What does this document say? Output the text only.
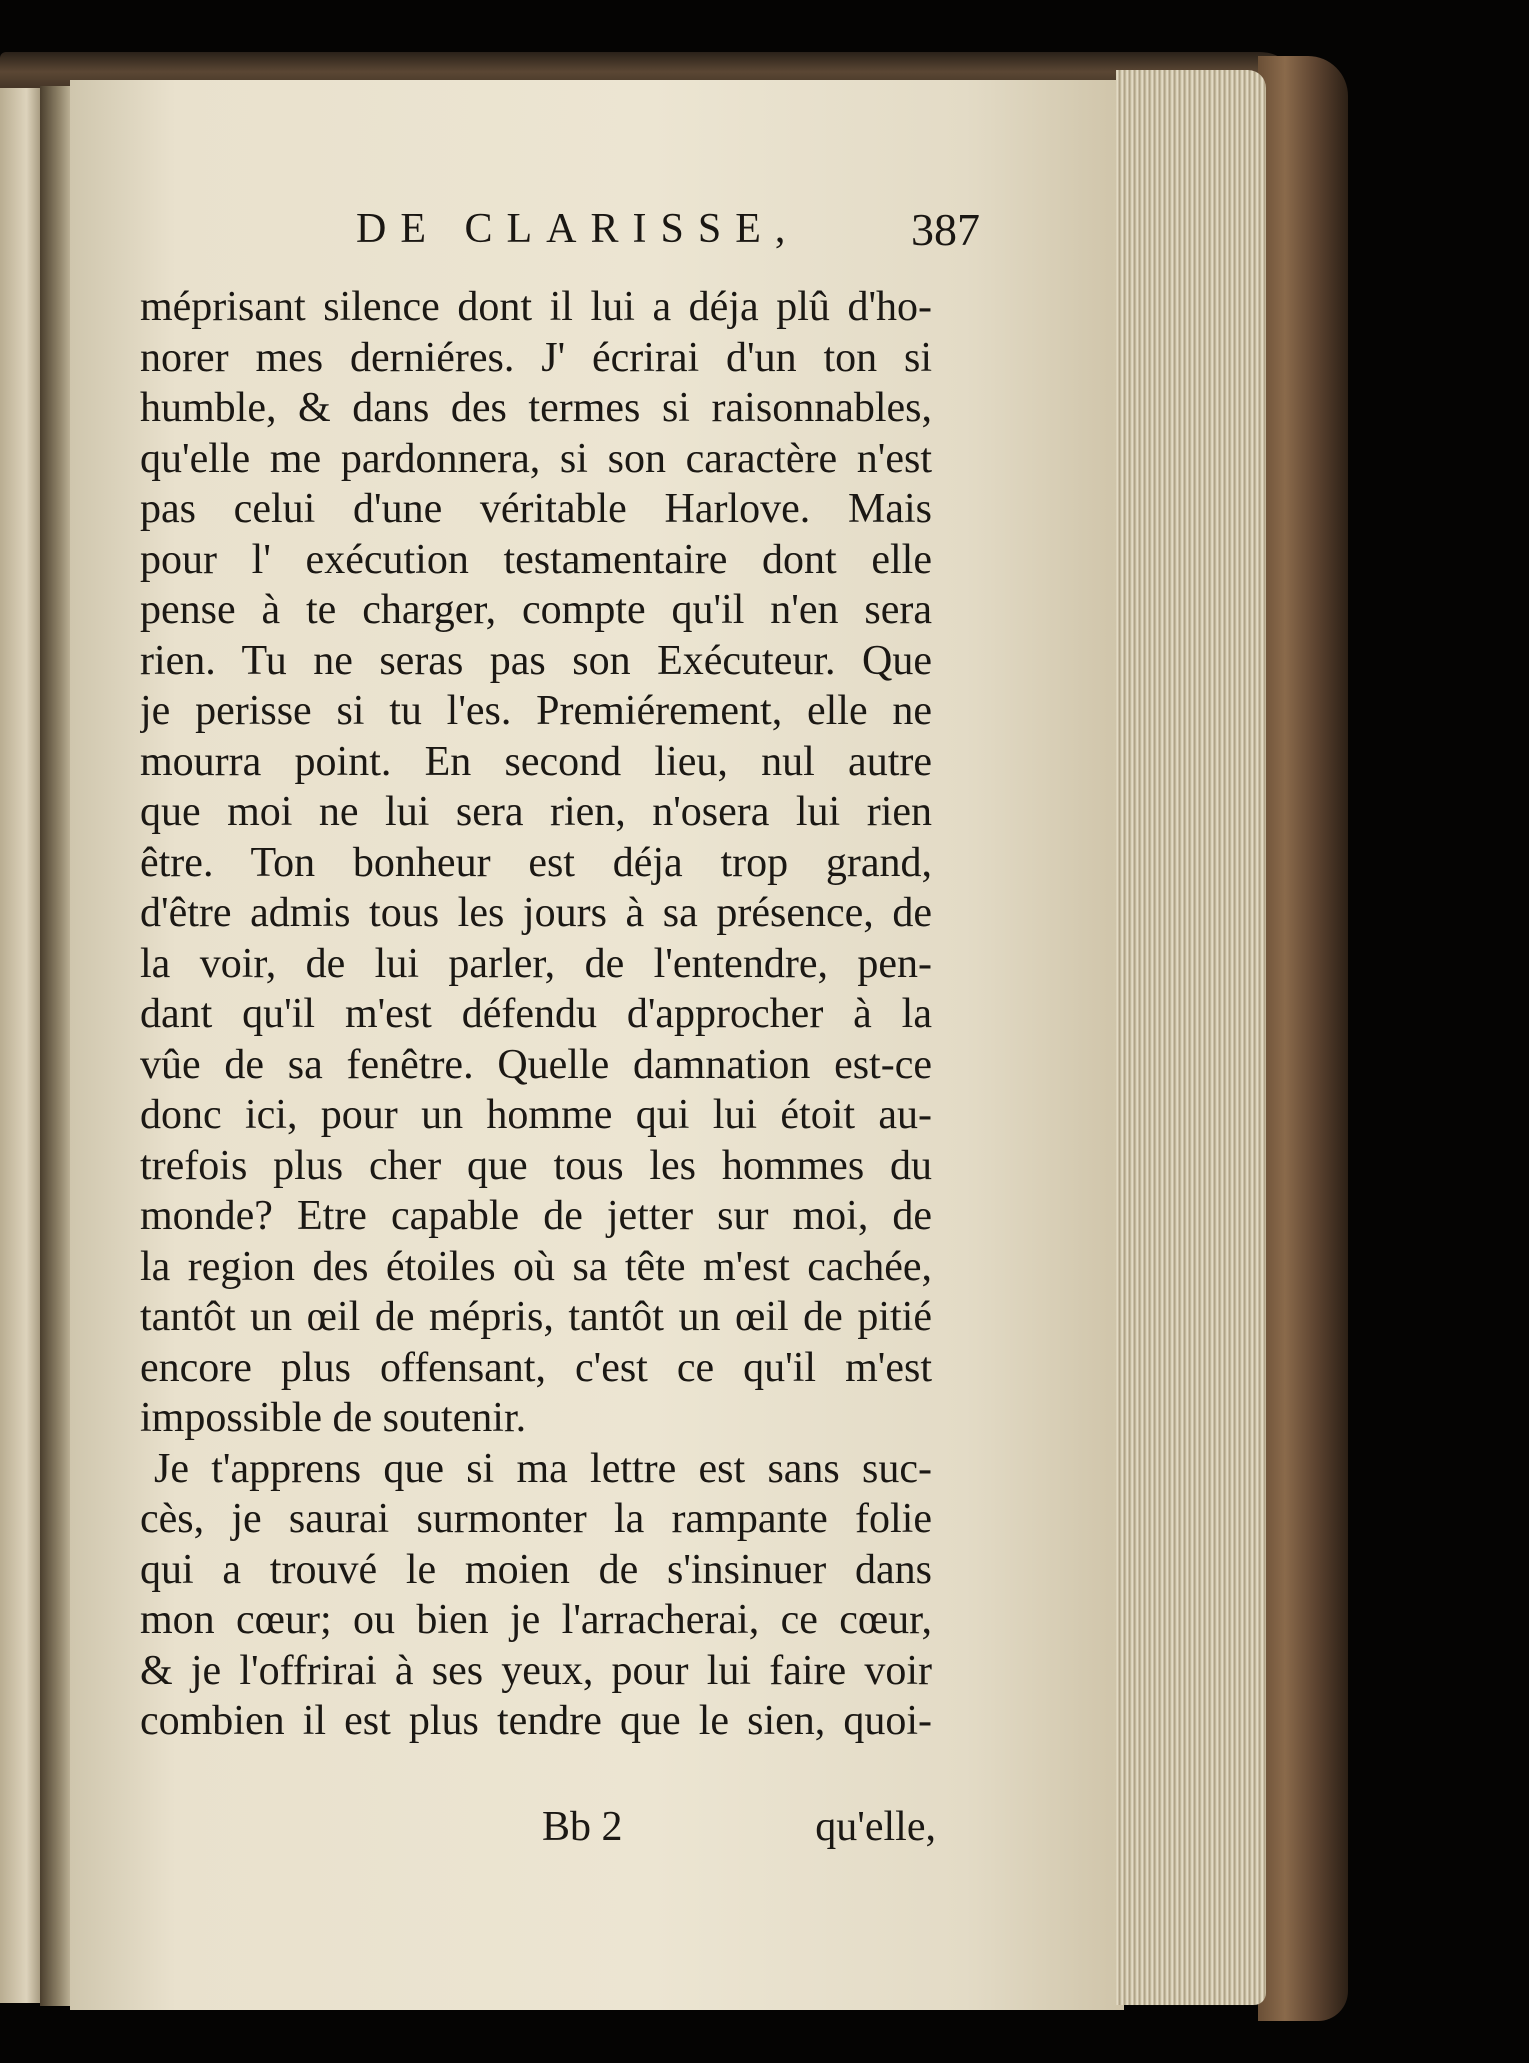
DE CLARISSE,	387
méprisant silence dont il lui a déja plû d'ho-
norer mes derniéres. J' écrirai d'un ton si
humble, & dans des termes si raisonnables,
qu'elle me pardonnera, si son caractère n'est
pas celui d'une véritable Harlove. Mais
pour l' exécution testamentaire dont elle
pense à te charger, compte qu'il n'en sera
rien. Tu ne seras pas son Exécuteur. Que
je perisse si tu l'es. Premiérement, elle ne
mourra point. En second lieu, nul autre
que moi ne lui sera rien, n'osera lui rien
être. Ton bonheur est déja trop grand,
d'être admis tous les jours à sa présence, de
la voir, de lui parler, de l'entendre, pen-
dant qu'il m'est défendu d'approcher à la
vûe de sa fenêtre. Quelle damnation est-ce
donc ici, pour un homme qui lui étoit au-
trefois plus cher que tous les hommes du
monde? Etre capable de jetter sur moi, de
la region des étoiles où sa tête m'est cachée,
tantôt un œil de mépris, tantôt un œil de pitié
encore plus offensant, c'est ce qu'il m'est
impossible de soutenir.
Je t'apprens que si ma lettre est sans suc-
cès, je saurai surmonter la rampante folie
qui a trouvé le moien de s'insinuer dans
mon cœur; ou bien je l'arracherai, ce cœur,
& je l'offrirai à ses yeux, pour lui faire voir
combien il est plus tendre que le sien, quoi-
Bb 2	qu'elle,
